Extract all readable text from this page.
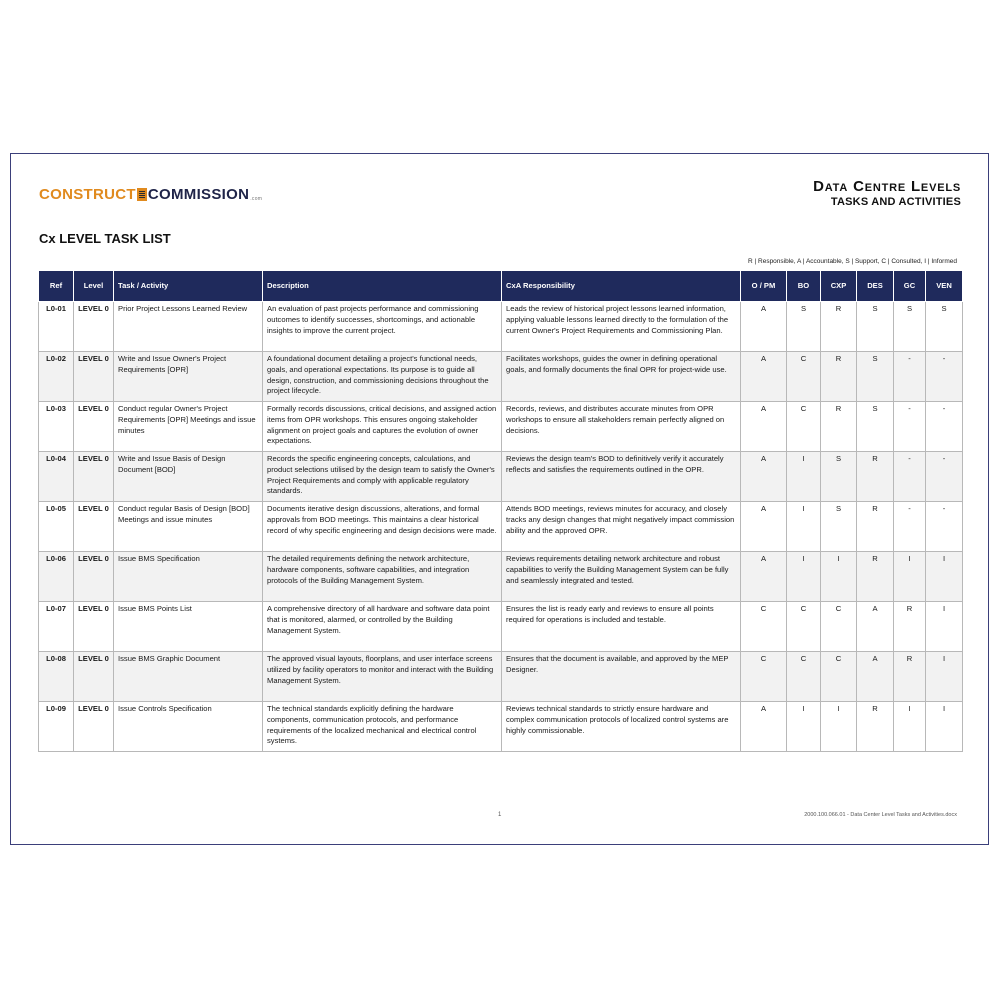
CONSTRUCT COMMISSION .com
Data Centre Levels
TASKS AND ACTIVITIES
Cx LEVEL TASK LIST
R | Responsible, A | Accountable, S | Support, C | Consulted, I | Informed
Ref	Level	Task / Activity	Description	CxA Responsibility	O / PM	BO	CXP	DES	GC	VEN
L0-01	LEVEL 0	Prior Project Lessons Learned Review	An evaluation of past projects performance and commissioning outcomes to identify successes, shortcomings, and actionable insights to improve the current project.	Leads the review of historical project lessons learned information, applying valuable lessons learned directly to the formulation of the current Owner's Project Requirements and Commissioning Plan.	A	S	R	S	S	S
L0-02	LEVEL 0	Write and Issue Owner's Project Requirements [OPR]	A foundational document detailing a project's functional needs, goals, and operational expectations. Its purpose is to guide all design, construction, and commissioning decisions throughout the project lifecycle.	Facilitates workshops, guides the owner in defining operational goals, and formally documents the final OPR for project-wide use.	A	C	R	S	-	-
L0-03	LEVEL 0	Conduct regular Owner's Project Requirements [OPR] Meetings and issue minutes	Formally records discussions, critical decisions, and assigned action items from OPR workshops. This ensures ongoing stakeholder alignment on project goals and captures the evolution of owner expectations.	Records, reviews, and distributes accurate minutes from OPR workshops to ensure all stakeholders remain perfectly aligned on decisions.	A	C	R	S	-	-
L0-04	LEVEL 0	Write and Issue Basis of Design Document [BOD]	Records the specific engineering concepts, calculations, and product selections utilised by the design team to satisfy the Owner's Project Requirements and comply with applicable regulatory standards.	Reviews the design team's BOD to definitively verify it accurately reflects and satisfies the requirements outlined in the OPR.	A	I	S	R	-	-
L0-05	LEVEL 0	Conduct regular Basis of Design [BOD] Meetings and issue minutes	Documents iterative design discussions, alterations, and formal approvals from BOD meetings. This maintains a clear historical record of why specific engineering and design decisions were made.	Attends BOD meetings, reviews minutes for accuracy, and closely tracks any design changes that might negatively impact commission ability and the approved OPR.	A	I	S	R	-	-
L0-06	LEVEL 0	Issue BMS Specification	The detailed requirements defining the network architecture, hardware components, software capabilities, and integration protocols of the Building Management System.	Reviews requirements detailing network architecture and robust capabilities to verify the Building Management System can be fully and seamlessly integrated and tested.	A	I	I	R	I	I
L0-07	LEVEL 0	Issue BMS Points List	A comprehensive directory of all hardware and software data point that is monitored, alarmed, or controlled by the Building Management System.	Ensures the list is ready early and reviews to ensure all points required for operations is included and testable.	C	C	C	A	R	I
L0-08	LEVEL 0	Issue BMS Graphic Document	The approved visual layouts, floorplans, and user interface screens utilized by facility operators to monitor and interact with the Building Management System.	Ensures that the document is available, and approved by the MEP Designer.	C	C	C	A	R	I
L0-09	LEVEL 0	Issue Controls Specification	The technical standards explicitly defining the hardware components, communication protocols, and performance requirements of the localized mechanical and electrical control systems.	Reviews technical standards to strictly ensure hardware and complex communication protocols of localized control systems are highly commissionable.	A	I	I	R	I	I
1	2000.100.066.01 - Data Center Level Tasks and Activities.docx
